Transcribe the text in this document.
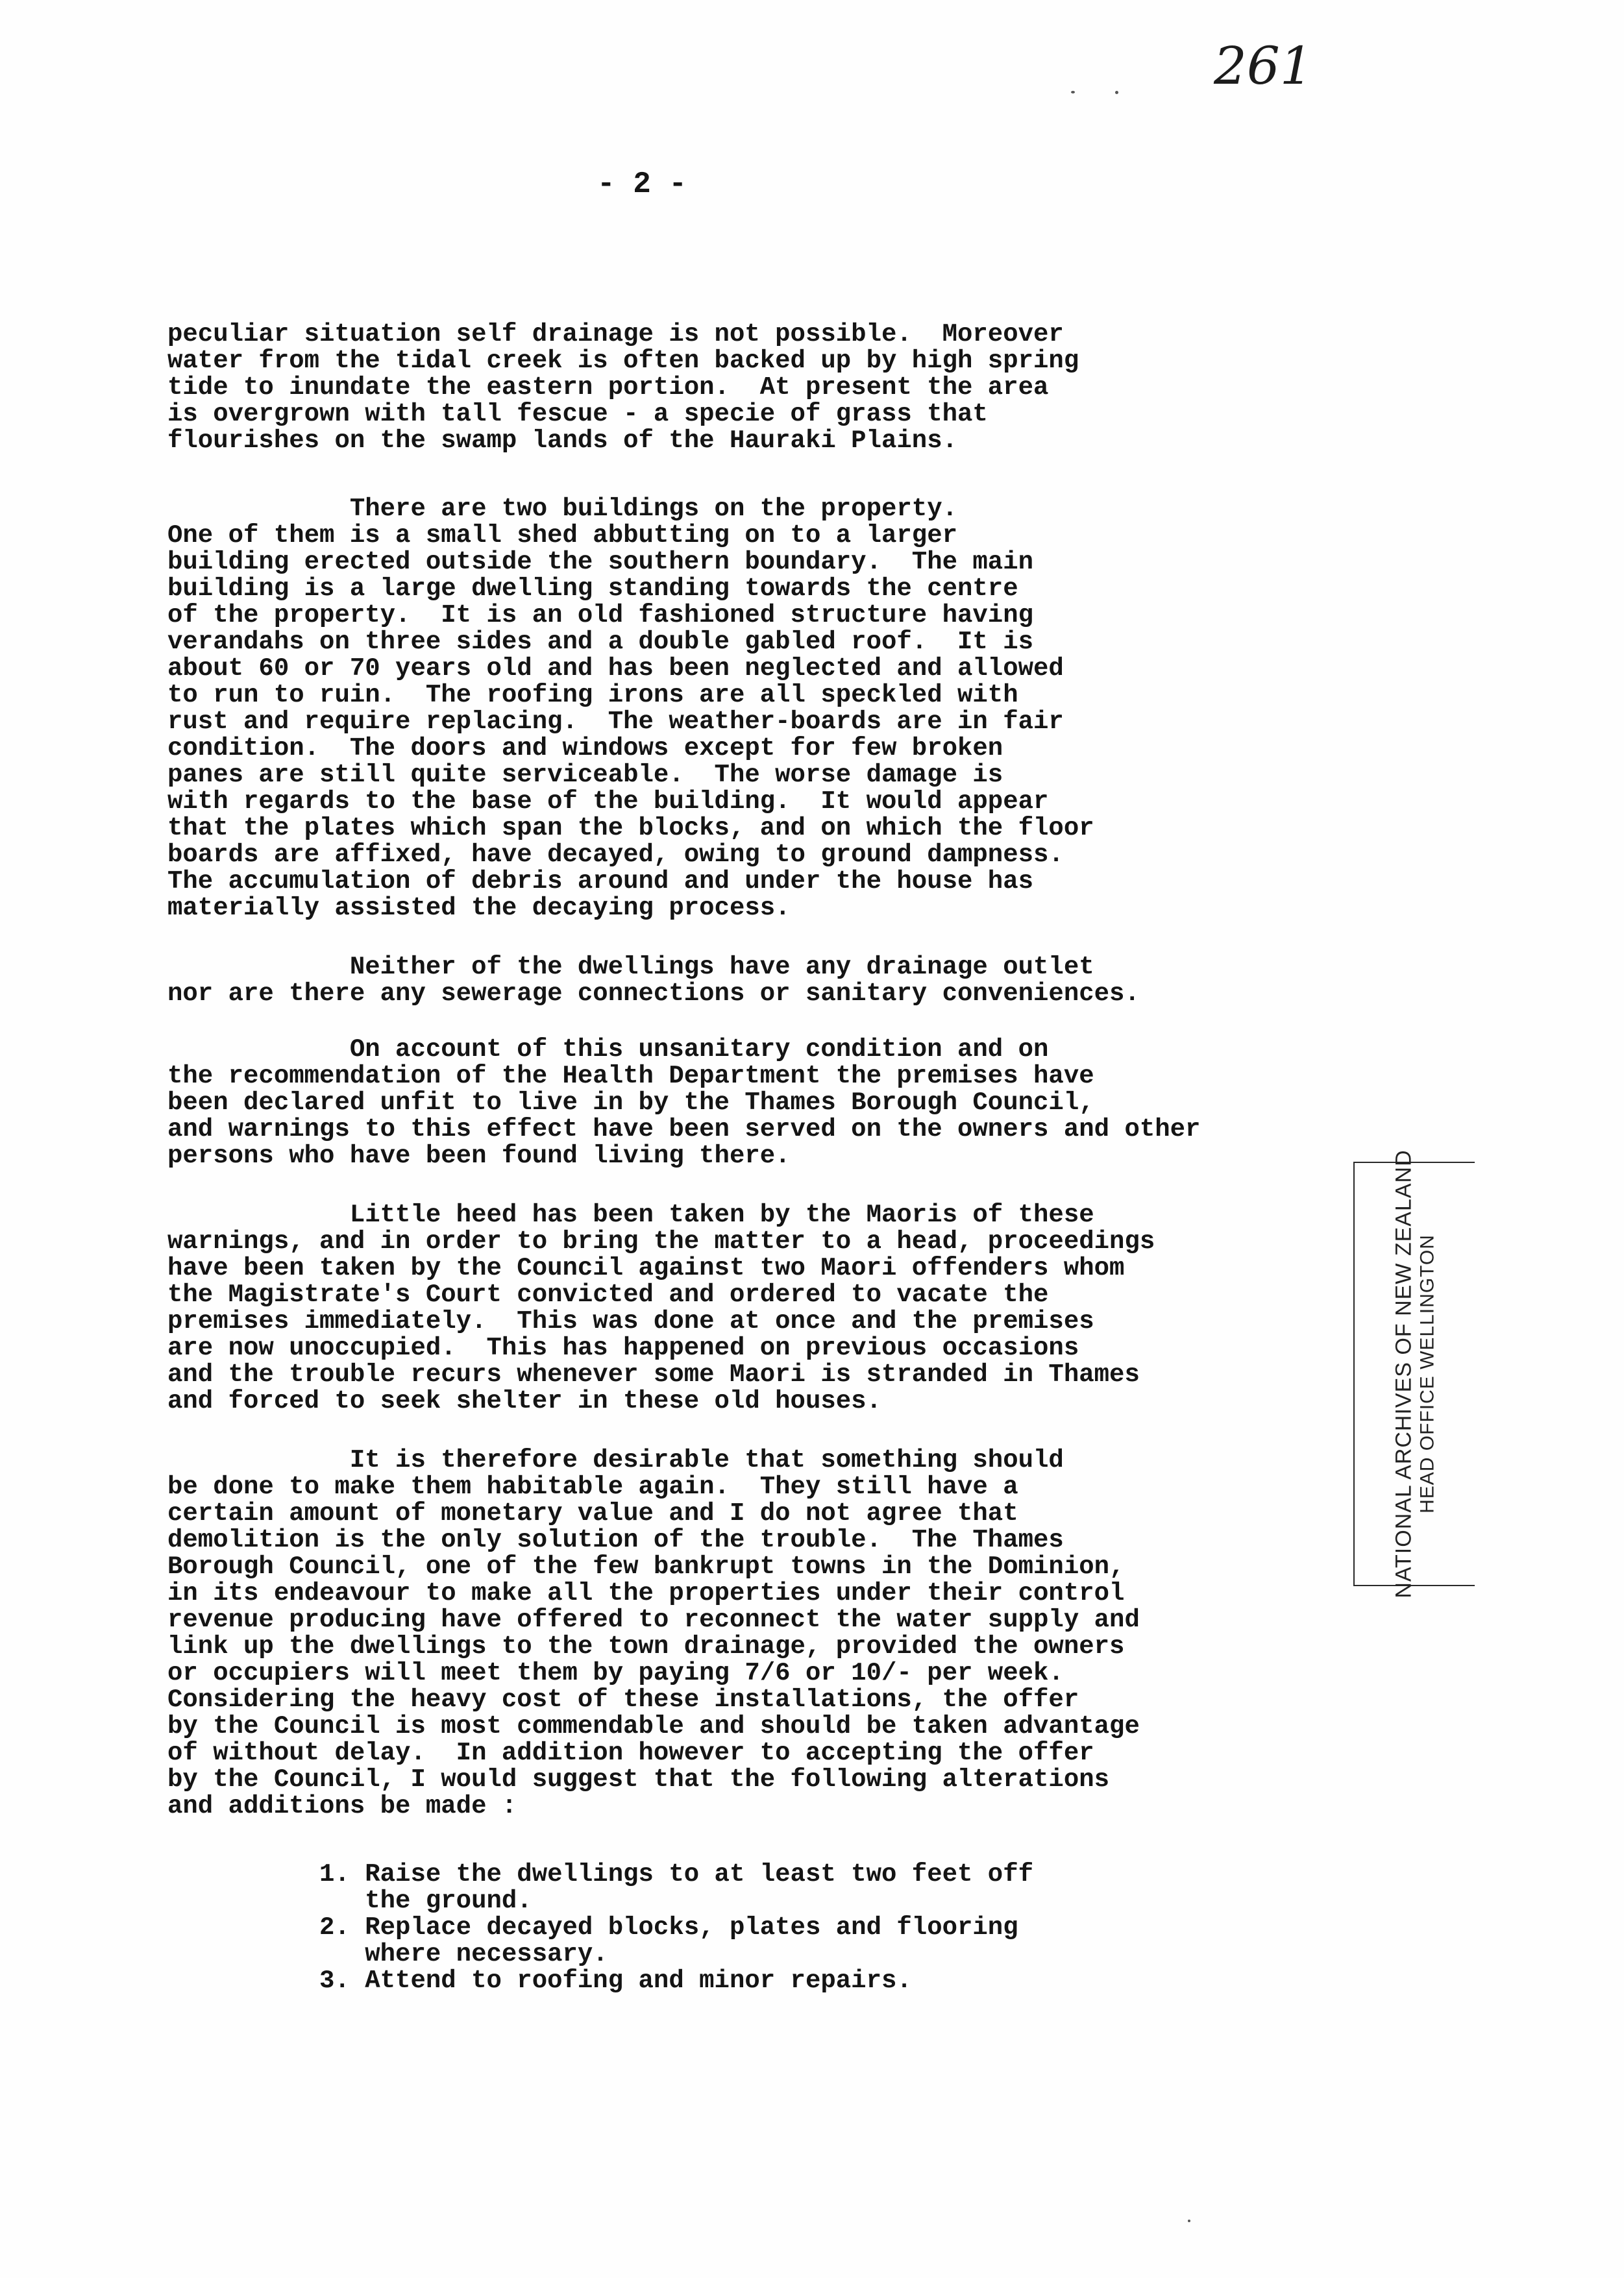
261
- 2 -
peculiar situation self drainage is not possible.  Moreover
water from the tidal creek is often backed up by high spring
tide to inundate the eastern portion.  At present the area
is overgrown with tall fescue - a specie of grass that
flourishes on the swamp lands of the Hauraki Plains.
There are two buildings on the property.
One of them is a small shed abbutting on to a larger
building erected outside the southern boundary.  The main
building is a large dwelling standing towards the centre
of the property.  It is an old fashioned structure having
verandahs on three sides and a double gabled roof.  It is
about 60 or 70 years old and has been neglected and allowed
to run to ruin.  The roofing irons are all speckled with
rust and require replacing.  The weather-boards are in fair
condition.  The doors and windows except for few broken
panes are still quite serviceable.  The worse damage is
with regards to the base of the building.  It would appear
that the plates which span the blocks, and on which the floor
boards are affixed, have decayed, owing to ground dampness.
The accumulation of debris around and under the house has
materially assisted the decaying process.
Neither of the dwellings have any drainage outlet
nor are there any sewerage connections or sanitary conveniences.
On account of this unsanitary condition and on
the recommendation of the Health Department the premises have
been declared unfit to live in by the Thames Borough Council,
and warnings to this effect have been served on the owners and other
persons who have been found living there.
Little heed has been taken by the Maoris of these
warnings, and in order to bring the matter to a head, proceedings
have been taken by the Council against two Maori offenders whom
the Magistrate's Court convicted and ordered to vacate the
premises immediately.  This was done at once and the premises
are now unoccupied.  This has happened on previous occasions
and the trouble recurs whenever some Maori is stranded in Thames
and forced to seek shelter in these old houses.
It is therefore desirable that something should
be done to make them habitable again.  They still have a
certain amount of monetary value and I do not agree that
demolition is the only solution of the trouble.  The Thames
Borough Council, one of the few bankrupt towns in the Dominion,
in its endeavour to make all the properties under their control
revenue producing have offered to reconnect the water supply and
link up the dwellings to the town drainage, provided the owners
or occupiers will meet them by paying 7/6 or 10/- per week.
Considering the heavy cost of these installations, the offer
by the Council is most commendable and should be taken advantage
of without delay.  In addition however to accepting the offer
by the Council, I would suggest that the following alterations
and additions be made :
1. Raise the dwellings to at least two feet off
the ground.
2. Replace decayed blocks, plates and flooring
where necessary.
3. Attend to roofing and minor repairs.
NATIONAL ARCHIVES OF NEW ZEALAND HEAD OFFICE WELLINGTON
